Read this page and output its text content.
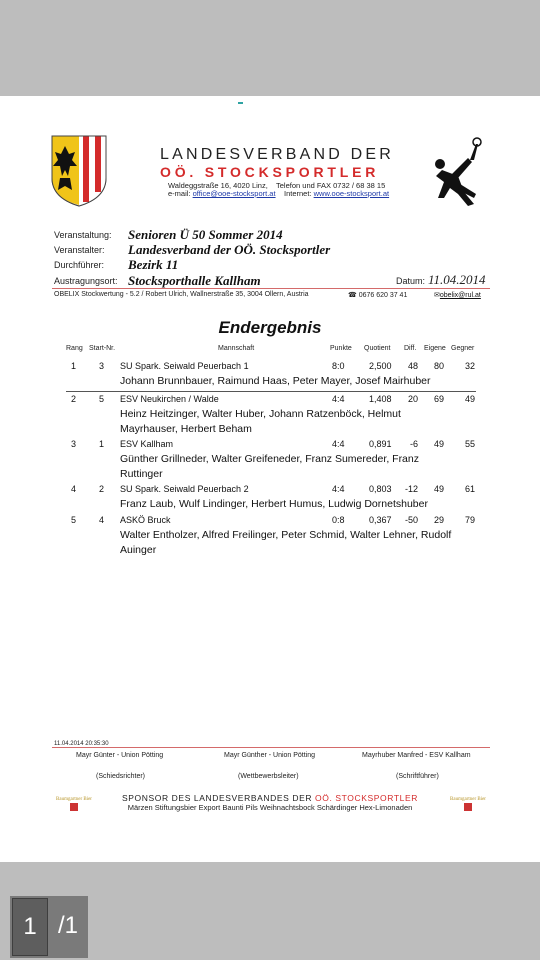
LANDESVERBAND DER
OÖ. STOCKSPORTLER
Waldeggstraße 16, 4020 Linz, Telefon und FAX 0732 / 68 38 15
e-mail: office@ooe-stocksport.at Internet: www.ooe-stocksport.at
Veranstaltung: Senioren Ü 50 Sommer 2014
Veranstalter: Landesverband der OÖ. Stocksportler
Durchführer: Bezirk 11
Austragungsort: Stocksporthalle Kallham	Datum: 11.04.2014
OBELIX Stockwertung - 5.2 / Robert Ulrich, Wallnerstraße 35, 3004 Ollern, Austria	☎ 0676 620 37 41	✉obelix@rul.at
Endergebnis
Rang Start-Nr.	Mannschaft	Punkte Quotient Diff. Eigene Gegner
1	3 SU Spark. Seiwald Peuerbach 1	8:0	2,500 48 80 32
Johann Brunnbauer, Raimund Haas, Peter Mayer, Josef Mairhuber
2	5 ESV Neukirchen / Walde	4:4	1,408 20 69 49
Heinz Heitzinger, Walter Huber, Johann Ratzenböck, Helmut Mayrhauser, Herbert Beham
3	1 ESV Kallham	4:4	0,891 -6 49 55
Günther Grillneder, Walter Greifeneder, Franz Sumereder, Franz Ruttinger
4	2 SU Spark. Seiwald Peuerbach 2	4:4	0,803 -12 49 61
Franz Laub, Wulf Lindinger, Herbert Humus, Ludwig Dornetshuber
5	4 ASKÖ Bruck	0:8	0,367 -50 29 79
Walter Entholzer, Alfred Freilinger, Peter Schmid, Walter Lehner, Rudolf Auinger
11.04.2014 20:35:30
Mayr Günter - Union Pötting	Mayr Günther - Union Pötting	Mayrhuber Manfred - ESV Kallham
(Schiedsrichter)	(Wettbewerbsleiter)	(Schriftführer)
Baumgartner Bier	Baumgartner Bier
SPONSOR DES LANDESVERBANDES DER OÖ. STOCKSPORTLER
Märzen Stiftungsbier Export Baunti Pils Weihnachtsbock Schärdinger Hex-Limonaden
1 /1
